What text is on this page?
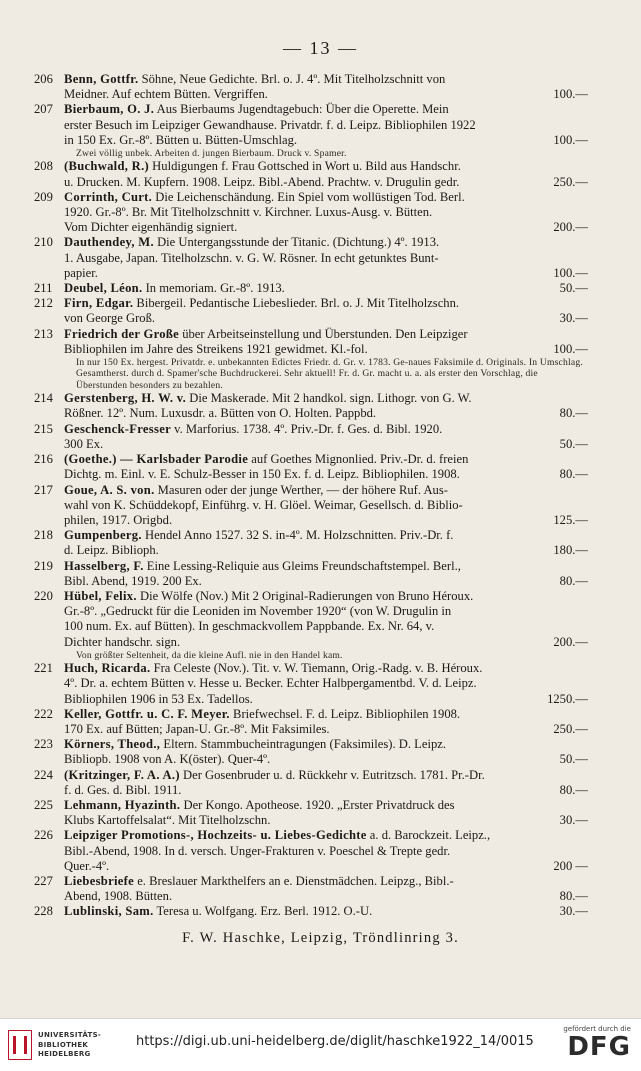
— 13 —
206 Benn, Gottfr. Söhne, Neue Gedichte. Brl. o. J. 4º. Mit Titelholzschnitt von
100.—
Meidner. Auf echtem Bütten. Vergriffen.
207 Bierbaum, O. J. Aus Bierbaums Jugendtagebuch: Über die Operette. Mein
erster Besuch im Leipziger Gewandhause. Privatdr. f. d. Leipz. Bibliophilen 1922
100.—
in 150 Ex. Gr.-8º. Bütten u. Bütten-Umschlag.
Zwei völlig unbek. Arbeiten d. jungen Bierbaum. Druck v. Spamer.
208 (Buchwald, R.) Huldigungen f. Frau Gottsched in Wort u. Bild aus Handschr.
250.—
u. Drucken. M. Kupfern. 1908. Leipz. Bibl.-Abend. Prachtw. v. Drugulin gedr.
209 Corrinth, Curt. Die Leichenschändung. Ein Spiel vom wollüstigen Tod. Berl.
1920. Gr.-8º. Br. Mit Titelholzschnitt v. Kirchner. Luxus-Ausg. v. Bütten.
200.—
Vom Dichter eigenhändig signiert.
210 Dauthendey, M. Die Untergangsstunde der Titanic. (Dichtung.) 4º. 1913.
1. Ausgabe, Japan. Titelholzschn. v. G. W. Rösner. In echt getunktes Bunt-
100.—
papier.
211	50.—
Deubel, Léon. In memoriam. Gr.-8º. 1913.
212 Firn, Edgar. Bibergeil. Pedantische Liebeslieder. Brl. o. J. Mit Titelholzschn.
30.—
von George Groß.
213 Friedrich der Große über Arbeitseinstellung und Überstunden. Den Leipziger
100.—
Bibliophilen im Jahre des Streikens 1921 gewidmet. Kl.-fol.
In nur 150 Ex. hergest. Privatdr. e. unbekannten Edictes Friedr. d. Gr. v. 1783. Ge-naues Faksimile d. Originals. In Umschlag. Gesamtherst. durch d. Spamer'sche Buchdruckerei. Sehr aktuell! Fr. d. Gr. macht u. a. als erster den Vorschlag, die Überstunden besonders zu bezahlen.
214 Gerstenberg, H. W. v. Die Maskerade. Mit 2 handkol. sign. Lithogr. von G. W.
80.—
Rößner. 12º. Num. Luxusdr. a. Bütten von O. Holten. Pappbd.
215 Geschenck-Fresser v. Marforius. 1738. 4º. Priv.-Dr. f. Ges. d. Bibl. 1920.
50.—
300 Ex.
216 (Goethe.) — Karlsbader Parodie auf Goethes Mignonlied. Priv.-Dr. d. freien
80.—
Dichtg. m. Einl. v. E. Schulz-Besser in 150 Ex. f. d. Leipz. Bibliophilen. 1908.
217 Goue, A. S. von. Masuren oder der junge Werther, — der höhere Ruf. Aus-
wahl von K. Schüddekopf, Einführg. v. H. Glöel. Weimar, Gesellsch. d. Biblio-
125.—
philen, 1917. Origbd.
218 Gumpenberg. Hendel Anno 1527. 32 S. in-4º. M. Holzschnitten. Priv.-Dr. f.
180.—
d. Leipz. Biblioph.
219 Hasselberg, F. Eine Lessing-Reliquie aus Gleims Freundschaftstempel. Berl.,
80.—
Bibl. Abend, 1919. 200 Ex.
220 Hübel, Felix. Die Wölfe (Nov.) Mit 2 Original-Radierungen von Bruno Héroux.
Gr.-8º. „Gedruckt für die Leoniden im November 1920“ (von W. Drugulin in
100 num. Ex. auf Bütten). In geschmackvollem Pappbande. Ex. Nr. 64, v.
200.—
Dichter handschr. sign.
Von größter Seltenheit, da die kleine Aufl. nie in den Handel kam.
221 Huch, Ricarda. Fra Celeste (Nov.). Tit. v. W. Tiemann, Orig.-Radg. v. B. Héroux.
4º. Dr. a. echtem Bütten v. Hesse u. Becker. Echter Halbpergamentbd. V. d. Leipz.
1250.—
Bibliophilen 1906 in 53 Ex. Tadellos.
222 Keller, Gottfr. u. C. F. Meyer. Briefwechsel. F. d. Leipz. Bibliophilen 1908.
250.—
170 Ex. auf Bütten; Japan-U. Gr.-8º. Mit Faksimiles.
223 Körners, Theod., Eltern. Stammbucheintragungen (Faksimiles). D. Leipz.
50.—
Bibliopb. 1908 von A. K(öster). Quer-4º.
224 (Kritzinger, F. A. A.) Der Gosenbruder u. d. Rückkehr v. Eutritzsch. 1781. Pr.-Dr.
80.—
f. d. Ges. d. Bibl. 1911.
225 Lehmann, Hyazinth. Der Kongo. Apotheose. 1920. „Erster Privatdruck des
30.—
Klubs Kartoffelsalat“. Mit Titelholzschn.
226 Leipziger Promotions-, Hochzeits- u. Liebes-Gedichte a. d. Barockzeit. Leipz.,
Bibl.-Abend, 1908. In d. versch. Unger-Frakturen v. Poeschel & Trepte gedr.
200 —
Quer.-4º.
227 Liebesbriefe e. Breslauer Markthelfers an e. Dienstmädchen. Leipzg., Bibl.-
80.—
Abend, 1908. Bütten.
228	30.—
Lublinski, Sam. Teresa u. Wolfgang. Erz. Berl. 1912. O.-U.
F. W. Haschke, Leipzig, Tröndlinring 3.
UNIVERSITÄTS-
BIBLIOTHEK
HEIDELBERG
https://digi.ub.uni-heidelberg.de/diglit/haschke1922_14/0015
gefördert durch die
DFG
